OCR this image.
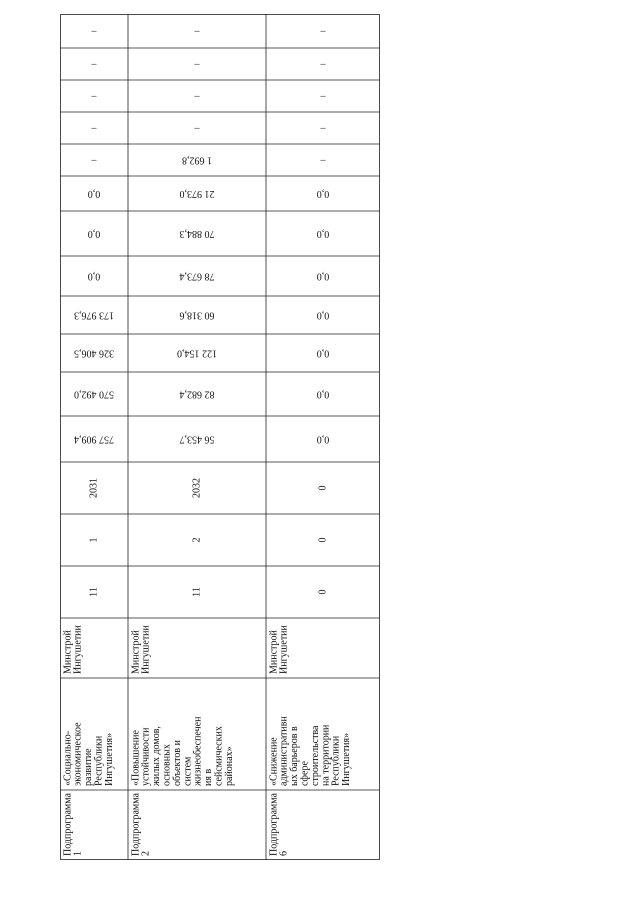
–
–
–
–
–
0,0
0,0
0,0
173 976,3
326 406,5
570 492,0
757 909,4
2031
1
11
Минстрой Ингушетии
«Социально- экономическое развитие Республики Ингушетия»
Подпрограмма 1
–
–
–
–
1 692,8
21 973,0
70 884,3
78 673,4
60 318,6
122 154,0
82 682,4
56 453,7
2032
2
11
Минстрой Ингушетии
«Повышение устойчивости жилых домов, основных объектов и систем жизнеобеспечен ия в сейсмических районах»
Подпрограмма 2
–
–
–
–
–
0,0
0,0
0,0
0,0
0,0
0,0
0,0
0
0
0
Минстрой Ингушетии
«Снижение административн ых барьеров в сфере строительства на территории Республики Ингушетия»
Подпрограмма 6
